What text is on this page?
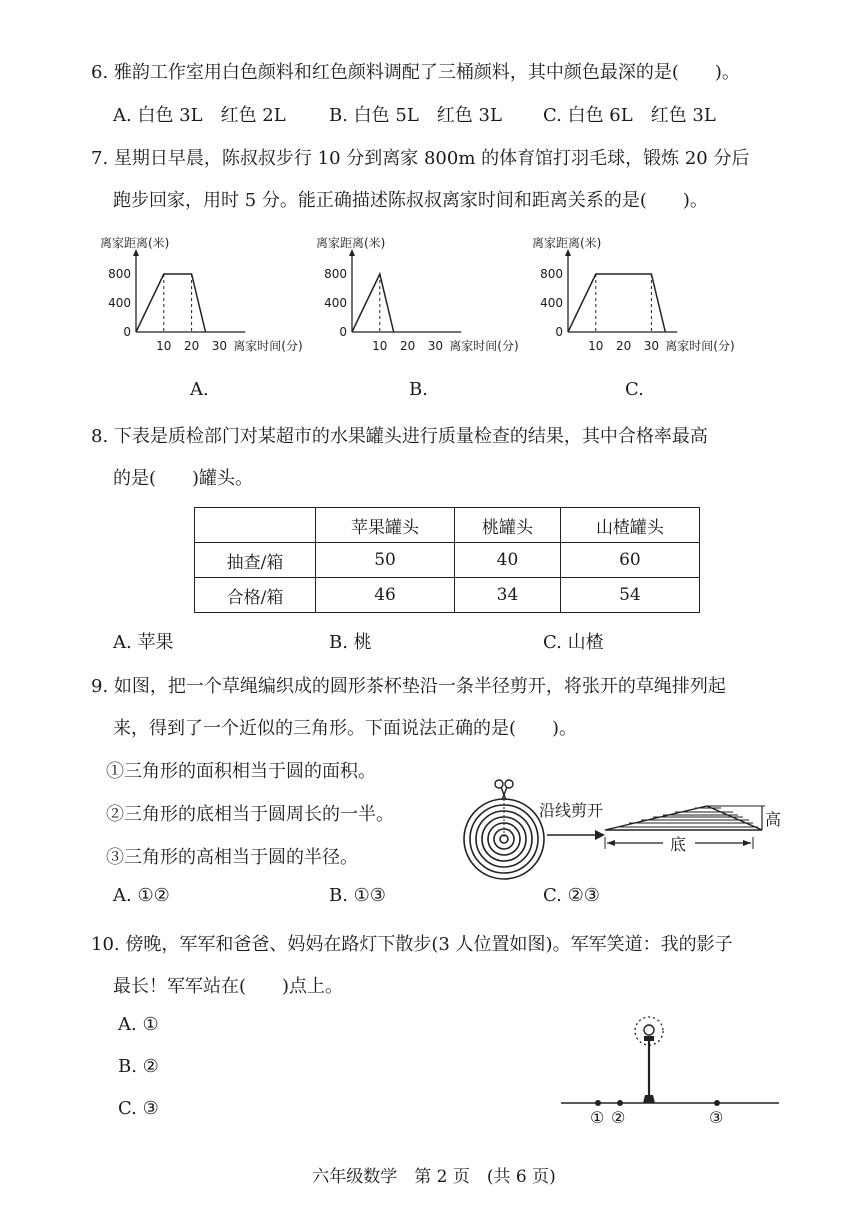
6. 雅韵工作室用白色颜料和红色颜料调配了三桶颜料，其中颜色最深的是(　　)。
A. 白色 3L　红色 2L B. 白色 5L　红色 3L C. 白色 6L　红色 3L
7. 星期日早晨，陈叔叔步行 10 分到离家 800m 的体育馆打羽毛球，锻炼 20 分后
跑步回家，用时 5 分。能正确描述陈叔叔离家时间和距离关系的是(　　)。
离家距离(米)
0
400
800
10 20 30 离家时间(分)
离家距离(米)
0
400
800
10 20 30 离家时间(分)
离家距离(米)
0
400
800
10 20 30 离家时间(分)
A.	B.	C.
8. 下表是质检部门对某超市的水果罐头进行质量检查的结果，其中合格率最高
的是(　　)罐头。
	苹果罐头	桃罐头	山楂罐头
抽查/箱	50	40	60
合格/箱	46	34	54
A. 苹果	B. 桃	C. 山楂
9. 如图，把一个草绳编织成的圆形茶杯垫沿一条半径剪开，将张开的草绳排列起
来，得到了一个近似的三角形。下面说法正确的是(　　)。
①三角形的面积相当于圆的面积。
②三角形的底相当于圆周长的一半。
③三角形的高相当于圆的半径。
沿线剪开	高
底
A. ①②	B. ①③	C. ②③
10. 傍晚，军军和爸爸、妈妈在路灯下散步(3 人位置如图)。军军笑道：我的影子
最长！军军站在(　　)点上。
A. ①
B. ②
C. ③	① ②	③
六年级数学　第 2 页　(共 6 页)
